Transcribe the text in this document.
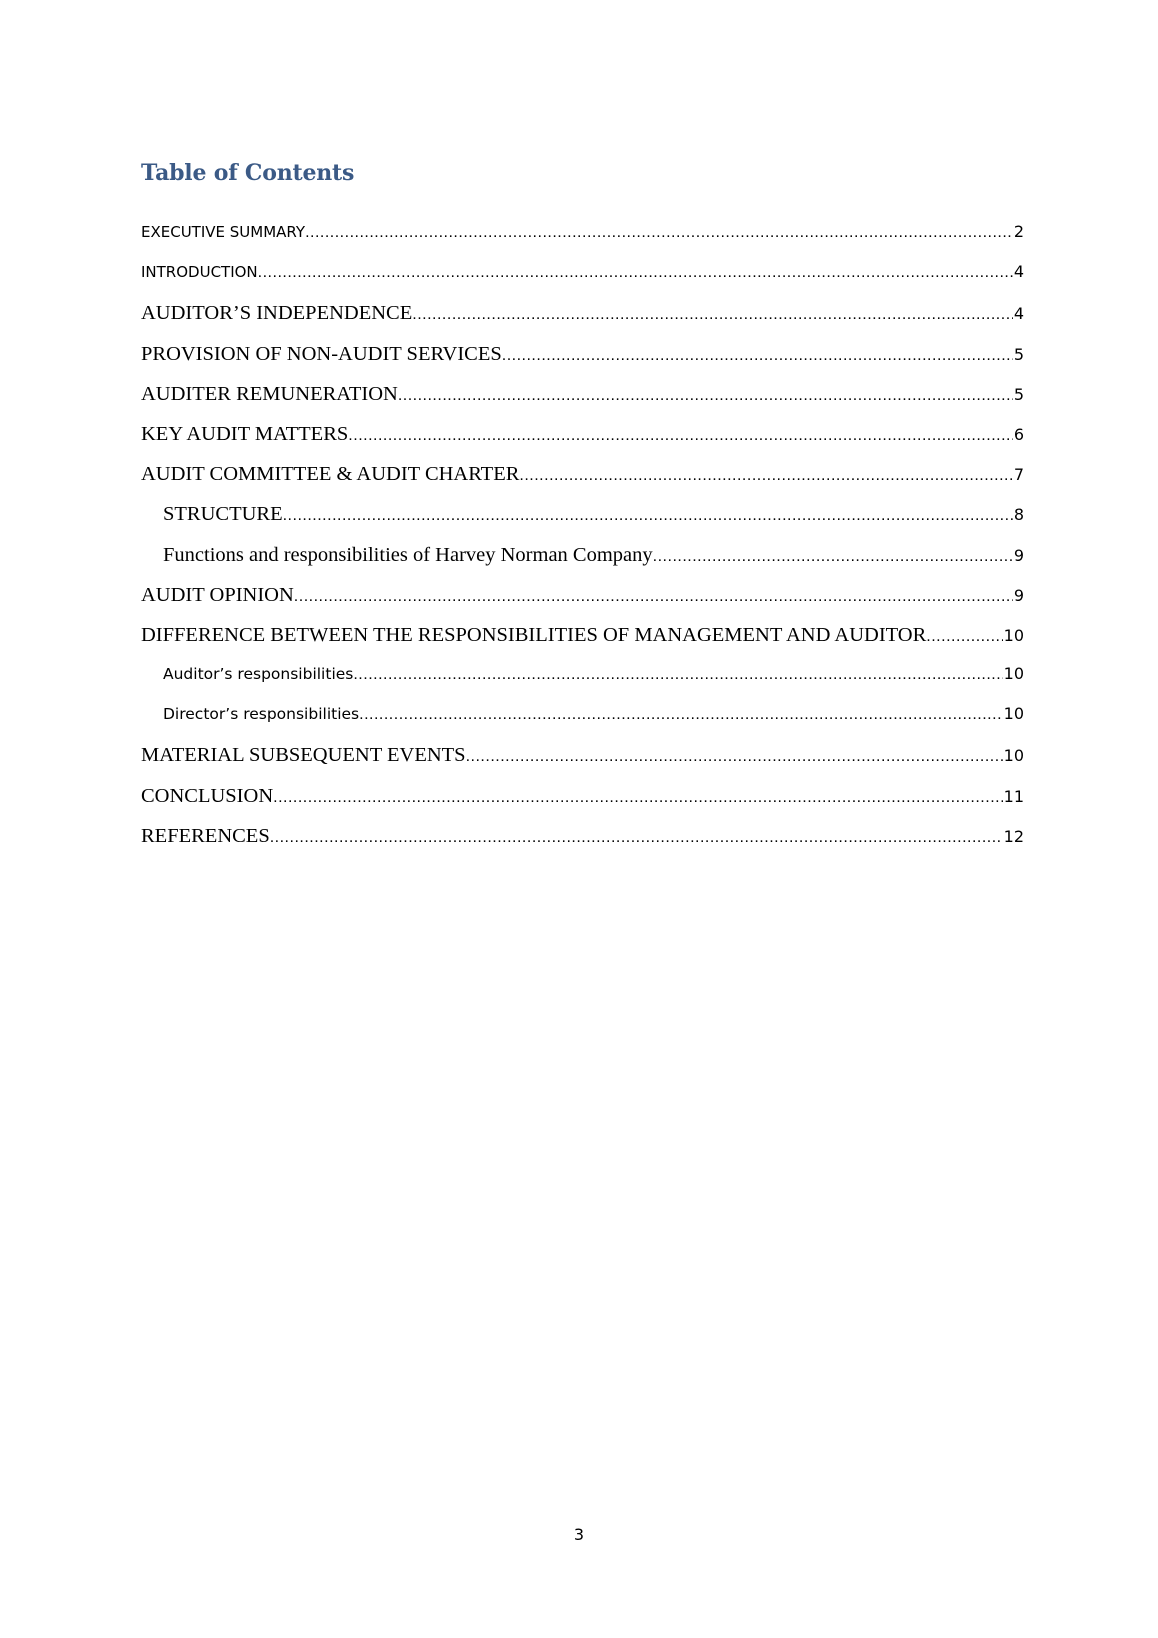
Table of Contents
EXECUTIVE SUMMARY .....	2
INTRODUCTION .....	4
AUDITOR’S INDEPENDENCE .....	4
PROVISION OF NON-AUDIT SERVICES .....	5
AUDITER REMUNERATION .....	5
KEY AUDIT MATTERS .....	6
AUDIT COMMITTEE & AUDIT CHARTER .....	7
STRUCTURE .....	8
Functions and responsibilities of Harvey Norman Company .....	9
AUDIT OPINION .....	9
DIFFERENCE BETWEEN THE RESPONSIBILITIES OF MANAGEMENT AND AUDITOR .....	10
Auditor’s responsibilities .....	10
Director’s responsibilities .....	10
MATERIAL SUBSEQUENT EVENTS .....	10
CONCLUSION .....	11
REFERENCES .....	12
3
